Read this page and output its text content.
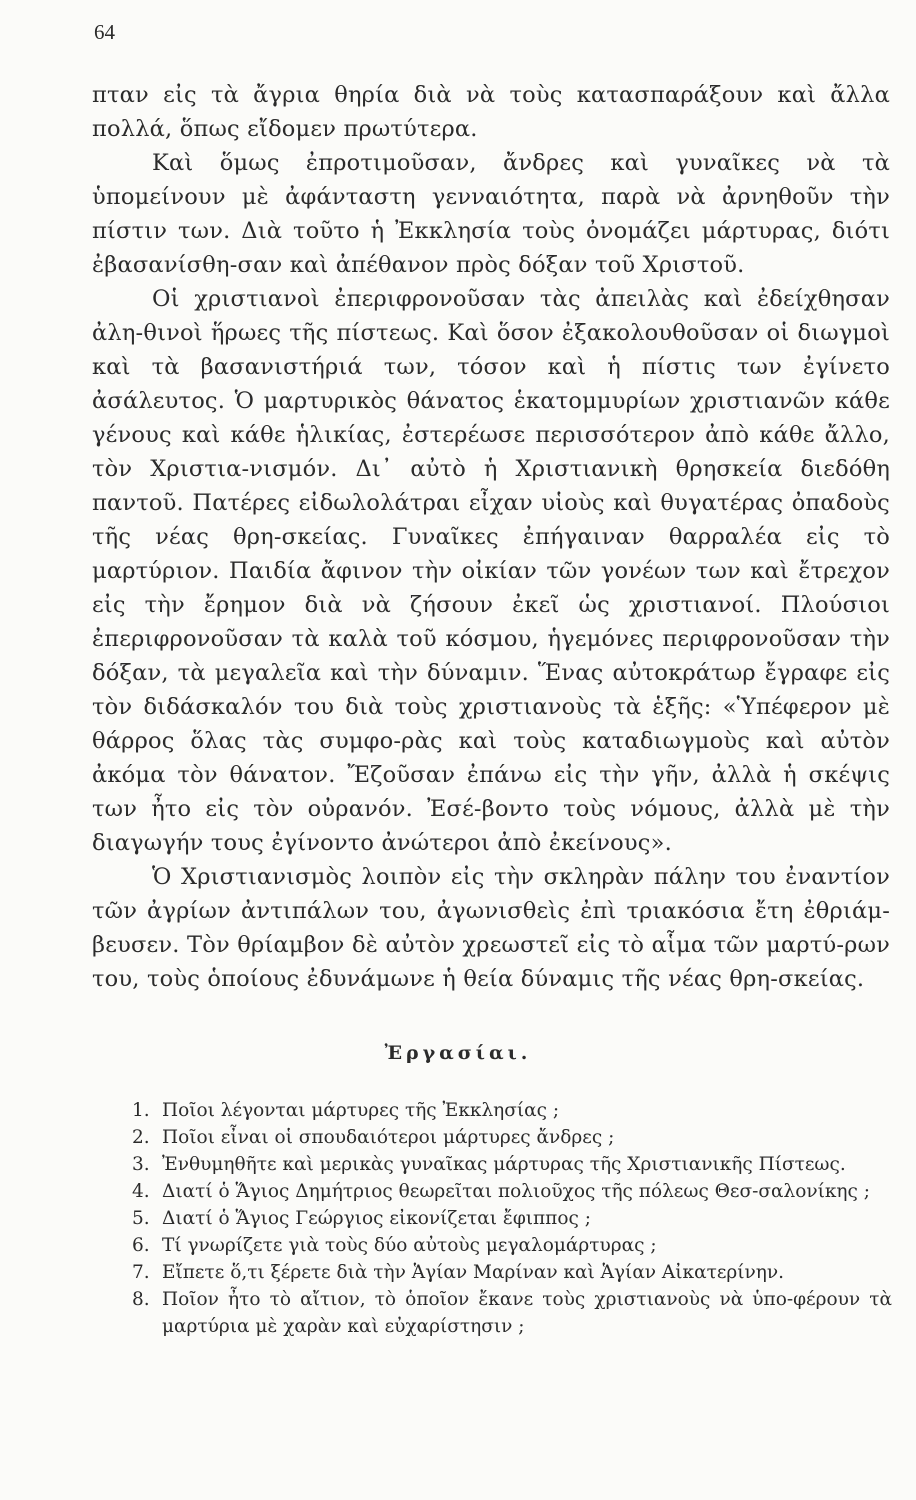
64

πταν εἰς τὰ ἄγρια θηρία διὰ νὰ τοὺς κατασπαράξουν καὶ ἄλλα πολλά, ὅπως εἴδομεν πρωτύτερα.

Καὶ ὅμως ἐπροτιμοῦσαν, ἄνδρες καὶ γυναῖκες νὰ τὰ ὑπομείνουν μὲ ἀφάνταστη γενναιότητα, παρὰ νὰ ἀρνηθοῦν τὴν πίστιν των. Διὰ τοῦτο ἡ Ἐκκλησία τοὺς ὀνομάζει μάρτυρας, διότι ἐβασανίσθη-σαν καὶ ἀπέθανον πρὸς δόξαν τοῦ Χριστοῦ.

Οἱ χριστιανοὶ ἐπεριφρονοῦσαν τὰς ἀπειλὰς καὶ ἐδείχθησαν ἀλη-θινοὶ ἥρωες τῆς πίστεως. Καὶ ὅσον ἐξακολουθοῦσαν οἱ διωγμοὶ καὶ τὰ βασανιστήριά των, τόσον καὶ ἡ πίστις των ἐγίνετο ἀσάλευτος. Ὁ μαρτυρικὸς θάνατος ἑκατομμυρίων χριστιανῶν κάθε γένους καὶ κάθε ἡλικίας, ἐστερέωσε περισσότερον ἀπὸ κάθε ἄλλο, τὸν Χριστια-νισμόν. Δι᾽ αὐτὸ ἡ Χριστιανικὴ θρησκεία διεδόθη παντοῦ. Πατέρες εἰδωλολάτραι εἶχαν υἱοὺς καὶ θυγατέρας ὀπαδοὺς τῆς νέας θρη-σκείας. Γυναῖκες ἐπήγαιναν θαρραλέα εἰς τὸ μαρτύριον. Παιδία ἄφινον τὴν οἰκίαν τῶν γονέων των καὶ ἔτρεχον εἰς τὴν ἔρημον διὰ νὰ ζήσουν ἐκεῖ ὡς χριστιανοί. Πλούσιοι ἐπεριφρονοῦσαν τὰ καλὰ τοῦ κόσμου, ἡγεμόνες περιφρονοῦσαν τὴν δόξαν, τὰ μεγαλεῖα καὶ τὴν δύναμιν. Ἕνας αὐτοκράτωρ ἔγραφε εἰς τὸν διδάσκαλόν του διὰ τοὺς χριστιανοὺς τὰ ἑξῆς: «Ὑπέφερον μὲ θάρρος ὅλας τὰς συμφο-ρὰς καὶ τοὺς καταδιωγμοὺς καὶ αὐτὸν ἀκόμα τὸν θάνατον. Ἔζοῦσαν ἐπάνω εἰς τὴν γῆν, ἀλλὰ ἡ σκέψις των ἦτο εἰς τὸν οὐρανόν. Ἐσέ-βοντο τοὺς νόμους, ἀλλὰ μὲ τὴν διαγωγήν τους ἐγίνοντο ἀνώτεροι ἀπὸ ἐκείνους».

Ὁ Χριστιανισμὸς λοιπὸν εἰς τὴν σκληρὰν πάλην του ἐναντίον τῶν ἀγρίων ἀντιπάλων του, ἀγωνισθεὶς ἐπὶ τριακόσια ἔτη ἐθριάμ-βευσεν. Τὸν θρίαμβον δὲ αὐτὸν χρεωστεῖ εἰς τὸ αἷμα τῶν μαρτύ-ρων του, τοὺς ὁποίους ἐδυνάμωνε ἡ θεία δύναμις τῆς νέας θρη-σκείας.

Ἐργασίαι.
1. Ποῖοι λέγονται μάρτυρες τῆς Ἐκκλησίας ;
2. Ποῖοι εἶναι οἱ σπουδαιότεροι μάρτυρες ἄνδρες ;
3. Ἐνθυμηθῆτε καὶ μερικὰς γυναῖκας μάρτυρας τῆς Χριστιανικῆς Πίστεως.
4. Διατί ὁ Ἅγιος Δημήτριος θεωρεῖται πολιοῦχος τῆς πόλεως Θεσ-σαλονίκης ;
5. Διατί ὁ Ἅγιος Γεώργιος εἰκονίζεται ἔφιππος ;
6. Τί γνωρίζετε γιὰ τοὺς δύο αὐτοὺς μεγαλομάρτυρας ;
7. Εἴπετε ὅ,τι ξέρετε διὰ τὴν Ἁγίαν Μαρίναν καὶ Ἁγίαν Αἰκατερίνην.
8. Ποῖον ἦτο τὸ αἴτιον, τὸ ὁποῖον ἔκανε τοὺς χριστιανοὺς νὰ ὑπο-φέρουν τὰ μαρτύρια μὲ χαρὰν καὶ εὐχαρίστησιν ;
